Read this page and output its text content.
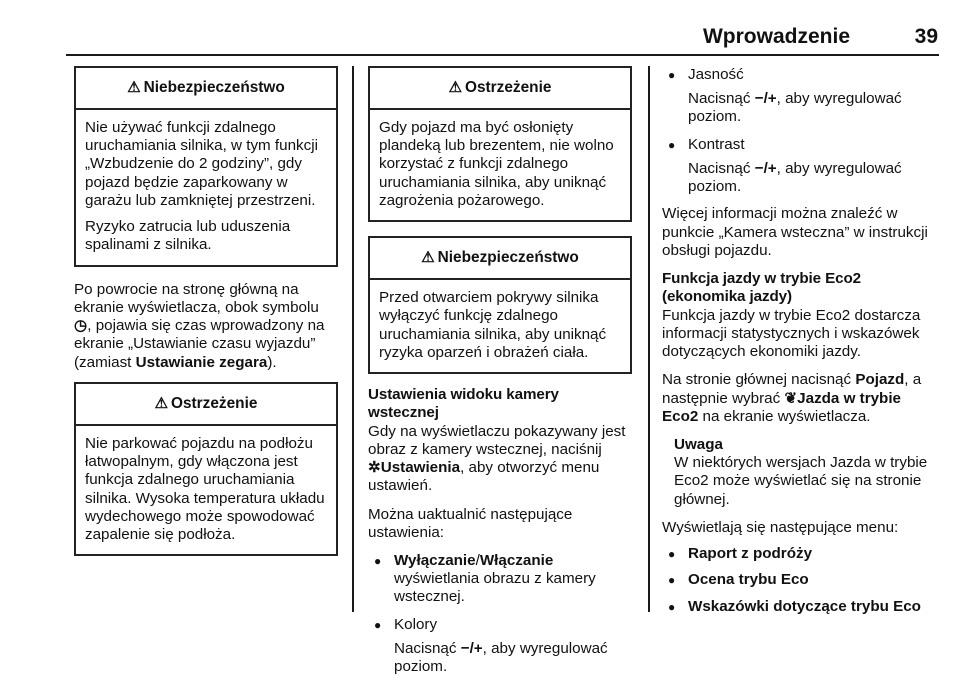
Wprowadzenie	39
⚠ Niebezpieczeństwo

Nie używać funkcji zdalnego uruchamiania silnika, w tym funkcji „Wzbudzenie do 2 godziny”, gdy pojazd będzie zaparkowany w garażu lub zamkniętej przestrzeni.

Ryzyko zatrucia lub uduszenia spalinami z silnika.

Po powrocie na stronę główną na ekranie wyświetlacza, obok symbolu ◷, pojawia się czas wprowadzony na ekranie „Ustawianie czasu wyjazdu” (zamiast Ustawianie zegara).

⚠ Ostrzeżenie

Nie parkować pojazdu na podłożu łatwopalnym, gdy włączona jest funkcja zdalnego uruchamiania silnika. Wysoka temperatura układu wydechowego może spowodować zapalenie się podłoża.

⚠ Ostrzeżenie

Gdy pojazd ma być osłonięty plandeką lub brezentem, nie wolno korzystać z funkcji zdalnego uruchamiania silnika, aby uniknąć zagrożenia pożarowego.

⚠ Niebezpieczeństwo

Przed otwarciem pokrywy silnika wyłączyć funkcję zdalnego uruchamiania silnika, aby uniknąć ryzyka oparzeń i obrażeń ciała.

Ustawienia widoku kamery wstecznej

Gdy na wyświetlaczu pokazywany jest obraz z kamery wstecznej, naciśnij ✲Ustawienia, aby otworzyć menu ustawień.

Można uaktualnić następujące ustawienia:

● Wyłączanie/Włączanie

wyświetlania obrazu z kamery wstecznej.

● Kolory

Nacisnąć −/+, aby wyregulować poziom.

● Jasność

Nacisnąć −/+, aby wyregulować poziom.

● Kontrast

Nacisnąć −/+, aby wyregulować poziom.

Więcej informacji można znaleźć w punkcie „Kamera wsteczna” w instrukcji obsługi pojazdu.

Funkcja jazdy w trybie Eco2 (ekonomika jazdy)

Funkcja jazdy w trybie Eco2 dostarcza informacji statystycznych i wskazówek dotyczących ekonomiki jazdy.

Na stronie głównej nacisnąć Pojazd, a następnie wybrać ❦Jazda w trybie Eco2 na ekranie wyświetlacza.

Uwaga
W niektórych wersjach Jazda w trybie Eco2 może wyświetlać się na stronie głównej.

Wyświetlają się następujące menu:

● Raport z podróży
● Ocena trybu Eco
● Wskazówki dotyczące trybu Eco
